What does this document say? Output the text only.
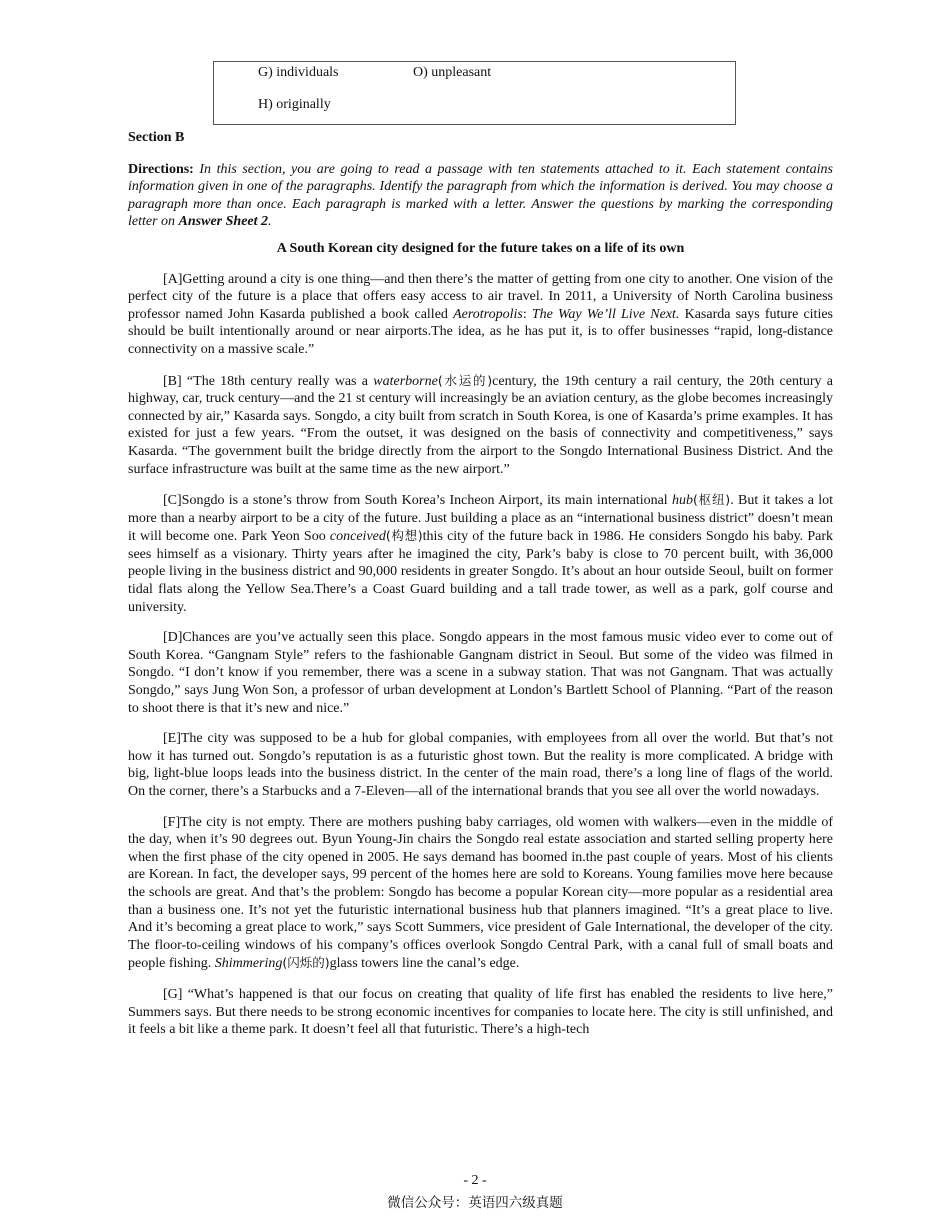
G) individuals	O) unpleasant
H) originally

Section B

Directions: In this section, you are going to read a passage with ten statements attached to it. Each statement contains information given in one of the paragraphs. Identify the paragraph from which the information is derived. You may choose a paragraph more than once. Each paragraph is marked with a letter. Answer the questions by marking the corresponding letter on Answer Sheet 2.

A South Korean city designed for the future takes on a life of its own

[A]Getting around a city is one thing—and then there’s the matter of getting from one city to another. One vision of the perfect city of the future is a place that offers easy access to air travel. In 2011, a University of North Carolina business professor named John Kasarda published a book called Aerotropolis: The Way We’ll Live Next. Kasarda says future cities should be built intentionally around or near airports.The idea, as he has put it, is to offer businesses “rapid, long-distance connectivity on a massive scale.”

[B] “The 18th century really was a waterborne(水运的)century, the 19th century a rail century, the 20th century a highway, car, truck century—and the 21 st century will increasingly be an aviation century, as the globe becomes increasingly connected by air,” Kasarda says. Songdo, a city built from scratch in South Korea, is one of Kasarda’s prime examples. It has existed for just a few years. “From the outset, it was designed on the basis of connectivity and competitiveness,” says Kasarda. “The government built the bridge directly from the airport to the Songdo International Business District. And the surface infrastructure was built at the same time as the new airport.”

[C]Songdo is a stone’s throw from South Korea’s Incheon Airport, its main international hub(枢纽). But it takes a lot more than a nearby airport to be a city of the future. Just building a place as an “international business district” doesn’t mean it will become one. Park Yeon Soo conceived(构想)this city of the future back in 1986. He considers Songdo his baby. Park sees himself as a visionary. Thirty years after he imagined the city, Park’s baby is close to 70 percent built, with 36,000 people living in the business district and 90,000 residents in greater Songdo. It’s about an hour outside Seoul, built on former tidal flats along the Yellow Sea.There’s a Coast Guard building and a tall trade tower, as well as a park, golf course and university.

[D]Chances are you’ve actually seen this place. Songdo appears in the most famous music video ever to come out of South Korea. “Gangnam Style” refers to the fashionable Gangnam district in Seoul. But some of the video was filmed in Songdo. “I don’t know if you remember, there was a scene in a subway station. That was not Gangnam. That was actually Songdo,” says Jung Won Son, a professor of urban development at London’s Bartlett School of Planning. “Part of the reason to shoot there is that it’s new and nice.”

[E]The city was supposed to be a hub for global companies, with employees from all over the world. But that’s not how it has turned out. Songdo’s reputation is as a futuristic ghost town. But the reality is more complicated. A bridge with big, light-blue loops leads into the business district. In the center of the main road, there’s a long line of flags of the world. On the corner, there’s a Starbucks and a 7-Eleven—all of the international brands that you see all over the world nowadays.

[F]The city is not empty. There are mothers pushing baby carriages, old women with walkers—even in the middle of the day, when it’s 90 degrees out. Byun Young-Jin chairs the Songdo real estate association and started selling property here when the first phase of the city opened in 2005. He says demand has boomed in.the past couple of years. Most of his clients are Korean. In fact, the developer says, 99 percent of the homes here are sold to Koreans. Young families move here because the schools are great. And that’s the problem: Songdo has become a popular Korean city—more popular as a residential area than a business one. It’s not yet the futuristic international business hub that planners imagined. “It’s a great place to live. And it’s becoming a great place to work,” says Scott Summers, vice president of Gale International, the developer of the city. The floor-to-ceiling windows of his company’s offices overlook Songdo Central Park, with a canal full of small boats and people fishing. Shimmering(闪烁的)glass towers line the canal’s edge.

[G] “What’s happened is that our focus on creating that quality of life first has enabled the residents to live here,” Summers says. But there needs to be strong economic incentives for companies to locate here. The city is still unfinished, and it feels a bit like a theme park. It doesn’t feel all that futuristic. There’s a high-tech

- 2 -
微信公众号：英语四六级真题
